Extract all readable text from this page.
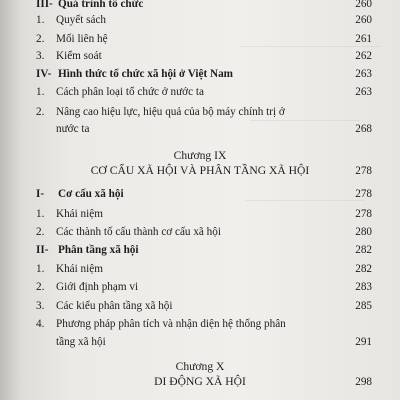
III- Quá trình tổ chức	260
1. Quyết sách	260
2. Mối liên hệ	261
3. Kiểm soát	262
IV- Hình thức tổ chức xã hội ở Việt Nam	263
1. Cách phân loại tổ chức ở nước ta	263
2. Nâng cao hiệu lực, hiệu quả của bộ máy chính trị ở
nước ta	268
Chương IX
CƠ CẤU XÃ HỘI VÀ PHÂN TẦNG XÃ HỘI	278
I- Cơ cấu xã hội	278
1. Khái niệm	278
2. Các thành tố cấu thành cơ cấu xã hội	280
II- Phân tầng xã hội	282
1. Khái niệm	282
2. Giới định phạm vi	283
3. Các kiểu phân tầng xã hội	285
4. Phương pháp phân tích và nhận diện hệ thống phân
tầng xã hội	291
Chương X
DI ĐỘNG XÃ HỘI	298
